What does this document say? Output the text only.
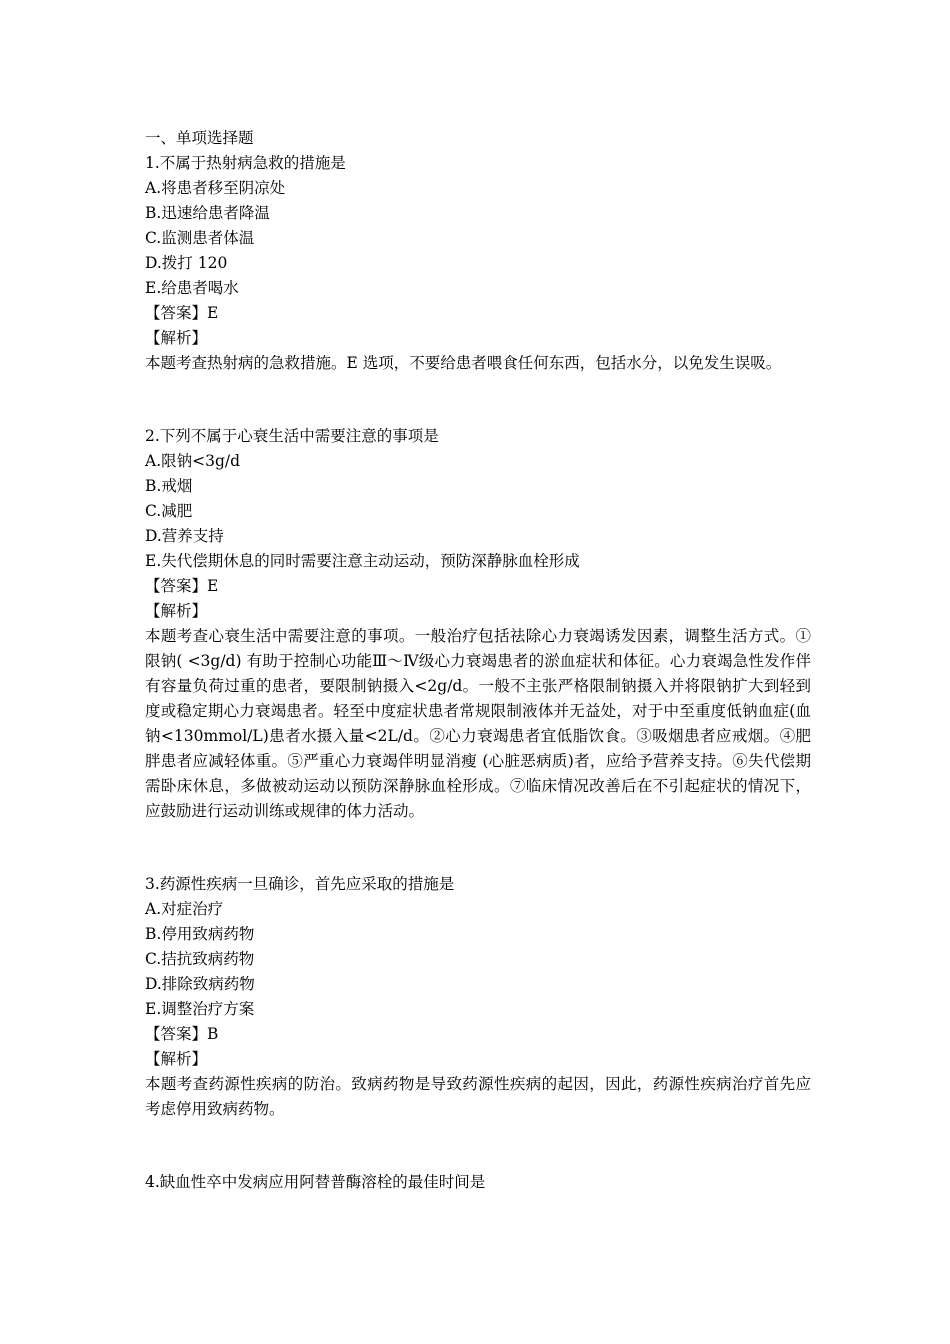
一、单项选择题
1.不属于热射病急救的措施是
A.将患者移至阴凉处
B.迅速给患者降温
C.监测患者体温
D.拨打 120
E.给患者喝水
【答案】E
【解析】
本题考查热射病的急救措施。E 选项，不要给患者喂食任何东西，包括水分，以免发生误吸。
2.下列不属于心衰生活中需要注意的事项是
A.限钠<3g/d
B.戒烟
C.减肥
D.营养支持
E.失代偿期休息的同时需要注意主动运动，预防深静脉血栓形成
【答案】E
【解析】
本题考查心衰生活中需要注意的事项。一般治疗包括祛除心力衰竭诱发因素，调整生活方式。①限钠( <3g/d) 有助于控制心功能Ⅲ～Ⅳ级心力衰竭患者的淤血症状和体征。心力衰竭急性发作伴有容量负荷过重的患者，要限制钠摄入<2g/d。一般不主张严格限制钠摄入并将限钠扩大到轻到度或稳定期心力衰竭患者。轻至中度症状患者常规限制液体并无益处，对于中至重度低钠血症(血钠<130mmol/L)患者水摄入量<2L/d。②心力衰竭患者宜低脂饮食。③吸烟患者应戒烟。④肥胖患者应减轻体重。⑤严重心力衰竭伴明显消瘦 (心脏恶病质)者，应给予营养支持。⑥失代偿期需卧床休息，多做被动运动以预防深静脉血栓形成。⑦临床情况改善后在不引起症状的情况下，应鼓励进行运动训练或规律的体力活动。
3.药源性疾病一旦确诊，首先应采取的措施是
A.对症治疗
B.停用致病药物
C.拮抗致病药物
D.排除致病药物
E.调整治疗方案
【答案】B
【解析】
本题考查药源性疾病的防治。致病药物是导致药源性疾病的起因，因此，药源性疾病治疗首先应考虑停用致病药物。
4.缺血性卒中发病应用阿替普酶溶栓的最佳时间是
